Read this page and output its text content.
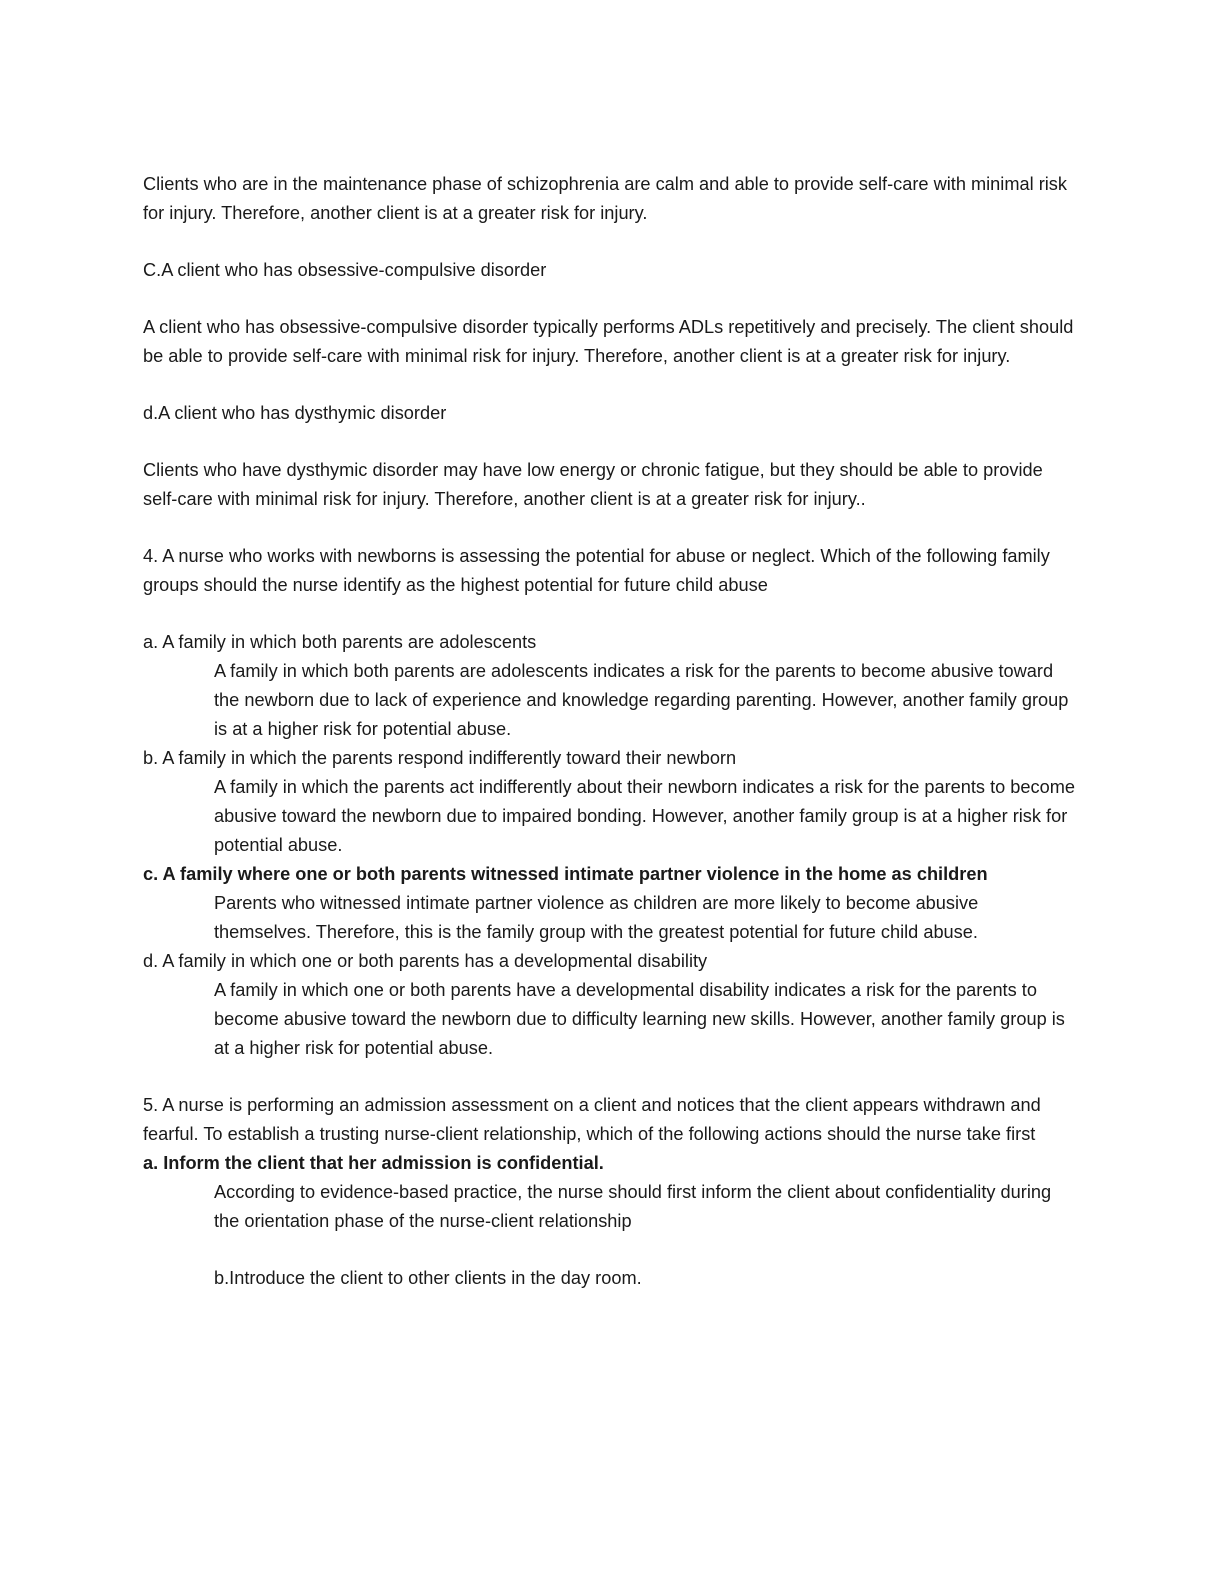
Clients who are in the maintenance phase of schizophrenia are calm and able to provide self-care with minimal risk for injury. Therefore, another client is at a greater risk for injury.

C.A client who has obsessive-compulsive disorder

A client who has obsessive-compulsive disorder typically performs ADLs repetitively and precisely. The client should be able to provide self-care with minimal risk for injury. Therefore, another client is at a greater risk for injury.

d.A client who has dysthymic disorder

Clients who have dysthymic disorder may have low energy or chronic fatigue, but they should be able to provide self-care with minimal risk for injury. Therefore, another client is at a greater risk for injury..

4. A nurse who works with newborns is assessing the potential for abuse or neglect. Which of the following family groups should the nurse identify as the highest potential for future child abuse

a. A family in which both parents are adolescents

A family in which both parents are adolescents indicates a risk for the parents to become abusive toward the newborn due to lack of experience and knowledge regarding parenting. However, another family group is at a higher risk for potential abuse.

b. A family in which the parents respond indifferently toward their newborn

A family in which the parents act indifferently about their newborn indicates a risk for the parents to become abusive toward the newborn due to impaired bonding. However, another family group is at a higher risk for potential abuse.

c. A family where one or both parents witnessed intimate partner violence in the home as children

Parents who witnessed intimate partner violence as children are more likely to become abusive themselves. Therefore, this is the family group with the greatest potential for future child abuse.

d. A family in which one or both parents has a developmental disability

A family in which one or both parents have a developmental disability indicates a risk for the parents to become abusive toward the newborn due to difficulty learning new skills. However, another family group is at a higher risk for potential abuse.

5. A nurse is performing an admission assessment on a client and notices that the client appears withdrawn and fearful. To establish a trusting nurse-client relationship, which of the following actions should the nurse take first

a. Inform the client that her admission is confidential.

According to evidence-based practice, the nurse should first inform the client about confidentiality during the orientation phase of the nurse-client relationship

b.Introduce the client to other clients in the day room.
